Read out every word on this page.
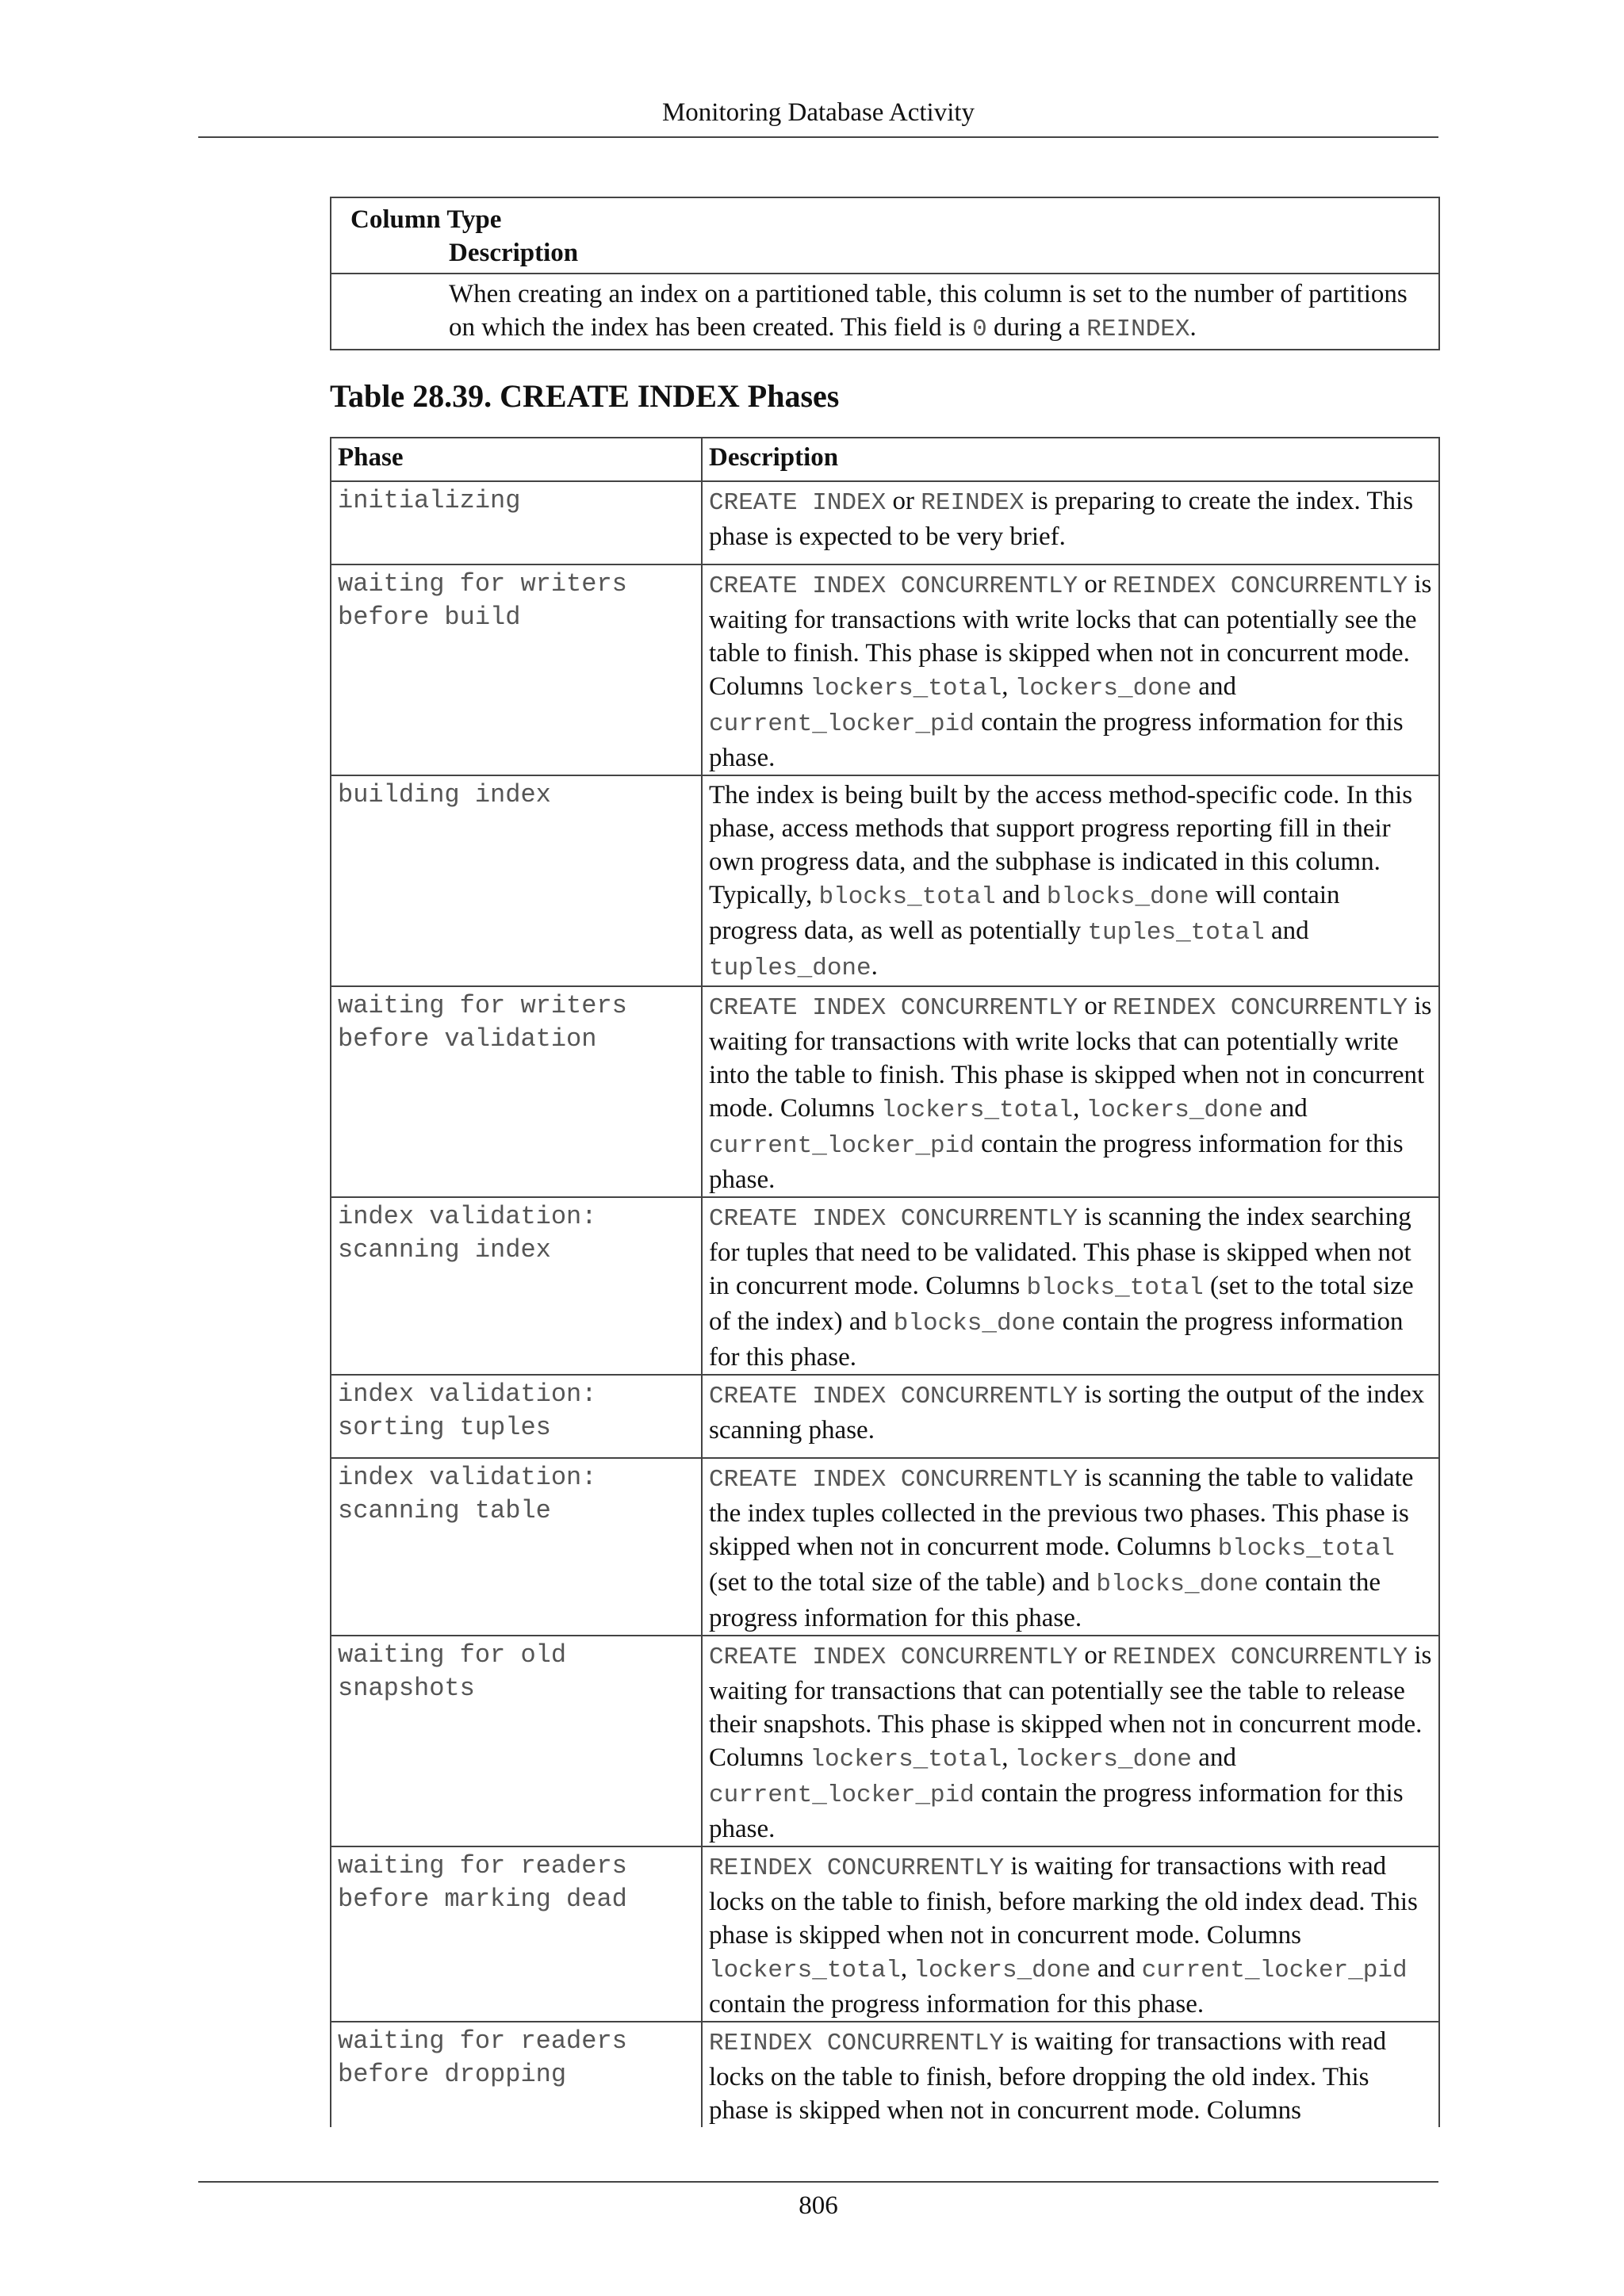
Monitoring Database Activity
Column Type
Description
When creating an index on a partitioned table, this column is set to the number of partitions on which the index has been created. This field is 0 during a REINDEX.
Table 28.39. CREATE INDEX Phases
Phase	Description
initializing	CREATE INDEX or REINDEX is preparing to create the index. This phase is expected to be very brief.
waiting for writers before build	CREATE INDEX CONCURRENTLY or REINDEX CONCURRENTLY is waiting for transactions with write locks that can potentially see the table to finish. This phase is skipped when not in concurrent mode. Columns lockers_total, lockers_done and current_locker_pid contain the progress information for this phase.
building index	The index is being built by the access method-specific code. In this phase, access methods that support progress reporting fill in their own progress data, and the subphase is indicated in this column. Typically, blocks_total and blocks_done will contain progress data, as well as potentially tuples_total and tuples_done.
waiting for writers before validation	CREATE INDEX CONCURRENTLY or REINDEX CONCURRENTLY is waiting for transactions with write locks that can potentially write into the table to finish. This phase is skipped when not in concurrent mode. Columns lockers_total, lockers_done and current_locker_pid contain the progress information for this phase.
index validation: scanning index	CREATE INDEX CONCURRENTLY is scanning the index searching for tuples that need to be validated. This phase is skipped when not in concurrent mode. Columns blocks_total (set to the total size of the index) and blocks_done contain the progress information for this phase.
index validation: sorting tuples	CREATE INDEX CONCURRENTLY is sorting the output of the index scanning phase.
index validation: scanning table	CREATE INDEX CONCURRENTLY is scanning the table to validate the index tuples collected in the previous two phases. This phase is skipped when not in concurrent mode. Columns blocks_total (set to the total size of the table) and blocks_done contain the progress information for this phase.
waiting for old snapshots	CREATE INDEX CONCURRENTLY or REINDEX CONCURRENTLY is waiting for transactions that can potentially see the table to release their snapshots. This phase is skipped when not in concurrent mode. Columns lockers_total, lockers_done and current_locker_pid contain the progress information for this phase.
waiting for readers before marking dead	REINDEX CONCURRENTLY is waiting for transactions with read locks on the table to finish, before marking the old index dead. This phase is skipped when not in concurrent mode. Columns lockers_total, lockers_done and current_locker_pid contain the progress information for this phase.
waiting for readers before dropping	REINDEX CONCURRENTLY is waiting for transactions with read locks on the table to finish, before dropping the old index. This phase is skipped when not in concurrent mode. Columns
806
